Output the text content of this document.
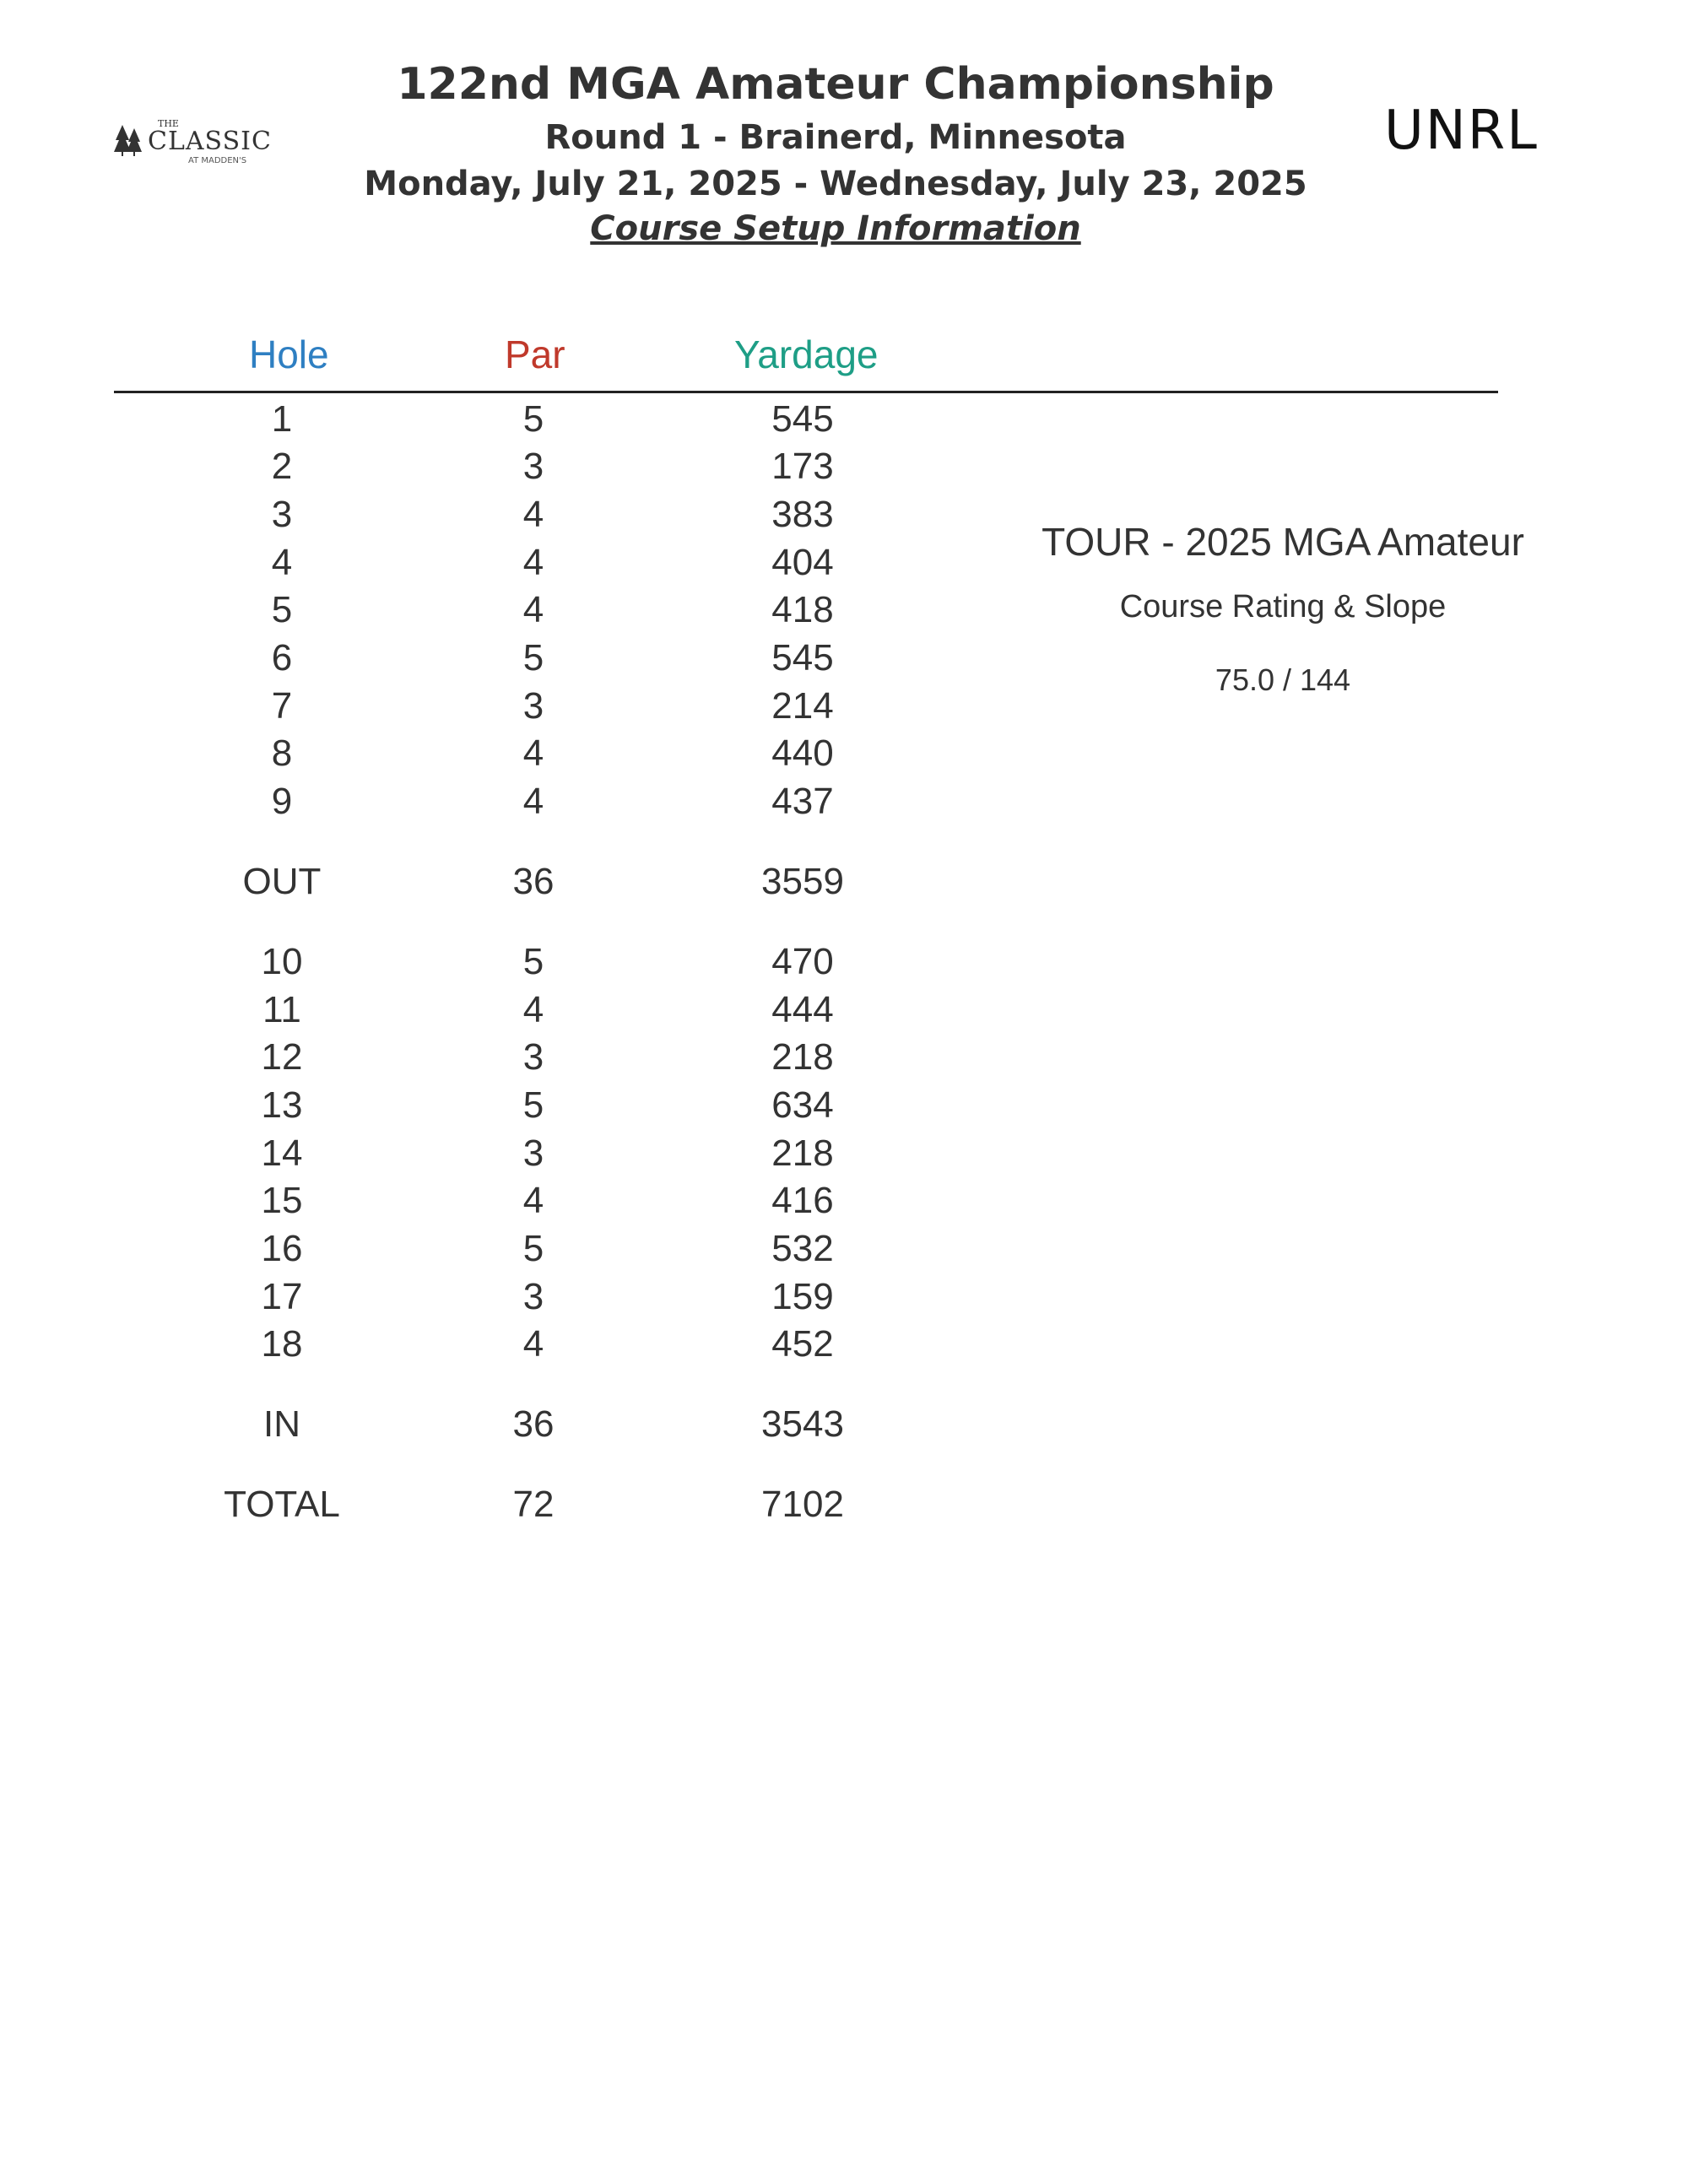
THE
CLASSIC
AT MADDEN'S	UNRL
122nd MGA Amateur Championship
Round 1 - Brainerd, Minnesota
Monday, July 21, 2025 - Wednesday, July 23, 2025
Course Setup Information
Hole	Par	Yardage
1	5	545
2	3	173
3	4	383
4	4	404
5	4	418
6	5	545
7	3	214
8	4	440
9	4	437
OUT	36	3559
10	5	470
11	4	444
12	3	218
13	5	634
14	3	218
15	4	416
16	5	532
17	3	159
18	4	452
IN	36	3543
TOTAL	72	7102
TOUR - 2025 MGA Amateur
Course Rating & Slope
75.0 / 144
